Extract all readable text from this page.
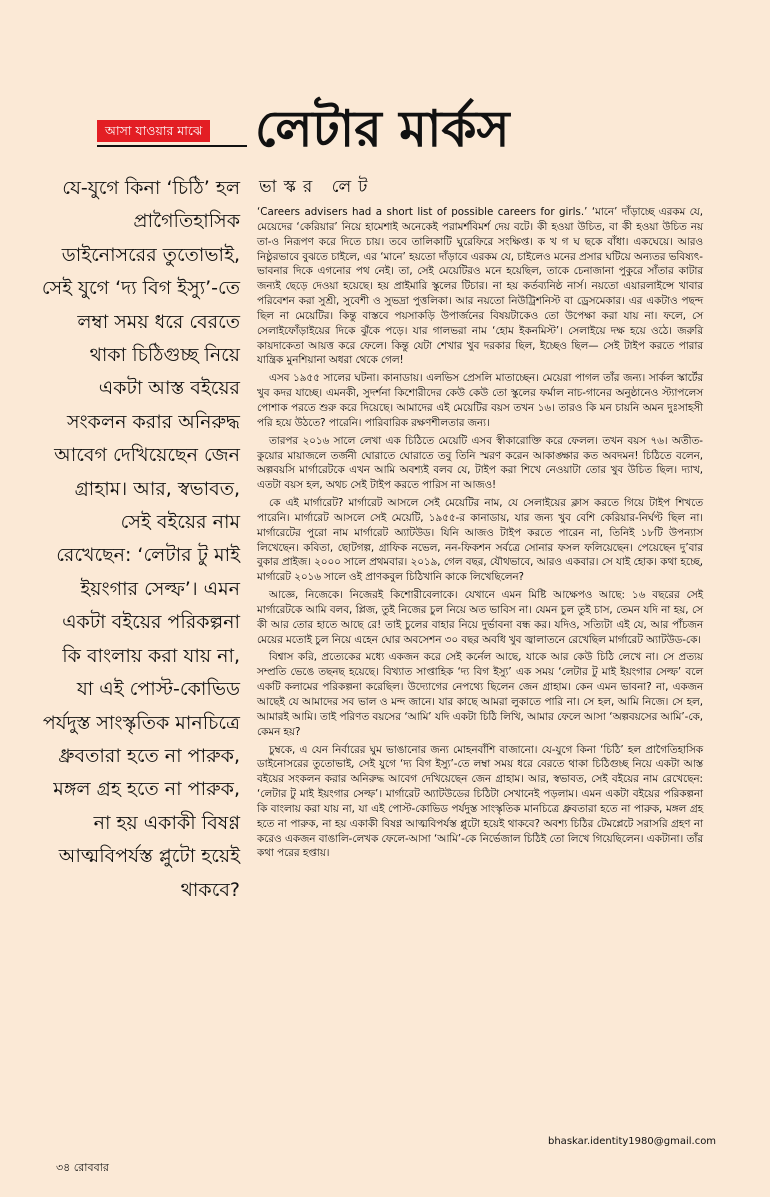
আসা যাওয়ার মাঝে লেটার মার্কস
যে-যুগে কিনা ‘চিঠি’ হল প্রাগৈতিহাসিক ডাইনোসরের তুতোভাই, সেই যুগে ‘দ্য বিগ ইস্যু’-তে লম্বা সময় ধরে বেরতে থাকা চিঠিগুচ্ছ নিয়ে একটা আস্ত বইয়ের সংকলন করার অনিরুদ্ধ আবেগ দেখিয়েছেন জেন গ্রাহাম। আর, স্বভাবত, সেই বইয়ের নাম রেখেছেন: ‘লেটার টু মাই ইয়ংগার সেল্ফ’। এমন একটা বইয়ের পরিকল্পনা কি বাংলায় করা যায় না, যা এই পোস্ট-কোভিড পর্যদুস্ত সাংস্কৃতিক মানচিত্রে ধ্রুবতারা হতে না পারুক, মঙ্গল গ্রহ হতে না পারুক, না হয় একাকী বিষণ্ণ আত্মবিপর্যস্ত প্লুটো হয়েই থাকবে?
ভাস্কর লেট

‘Careers advisers had a short list of possible careers for girls.’ ‘মানে’ দাঁড়াচ্ছে এরকম যে, মেয়েদের ‘কেরিয়ার’ নিয়ে হামেশাই অনেকেই পরামর্শবিমর্শ দেয় বটে। কী হওয়া উচিত, বা কী হওয়া উচিত নয় তা-ও নিরূপণ করে দিতে চায়। তবে তালিকাটি ঘুরেফিরে সংক্ষিপ্ত। ক খ গ ঘ ছকে বাঁধা। একঘেয়ে। আরও নিষ্ঠুরভাবে বুঝতে চাইলে, এর ‘মানে’ হয়তো দাঁড়াবে এরকম যে, চাইলেও মনের প্রসার ঘটিয়ে অন্যতর ভবিষ্যৎ-ভাবনার দিকে এগনোর পথ নেই। তা, সেই মেয়েটিরও মনে হয়েছিল, তাকে চেনাজানা পুকুরে সাঁতার কাটার জন্যই ছেড়ে দেওয়া হয়েছে। হয় প্রাইমারি স্কুলের টিচার। না হয় কর্তব্যনিষ্ঠ নার্স। নয়তো এয়ারলাইন্সে খাবার পরিবেশন করা সুশ্রী, সুবেশী ও সুভদ্রা পুত্তলিকা। আর নয়তো নিউট্রিশনিস্ট বা ড্রেসমেকার। এর একটাও পছন্দ ছিল না মেয়েটির। কিন্তু বাস্তবে পয়সাকড়ি উপার্জনের বিষয়টাকেও তো উপেক্ষা করা যায় না। ফলে, সে সেলাইফোঁড়াইয়ের দিকে ঝুঁকে পড়ে। যার গালভরা নাম ‘হোম ইকনমিস্ট’। সেলাইয়ে দক্ষ হয়ে ওঠে। জরুরি কায়দাকেতা আয়ত্ত করে ফেলে। কিন্তু যেটা শেখার খুব দরকার ছিল, ইচ্ছেও ছিল— সেই টাইপ করতে পারার যান্ত্রিক মুনশিয়ানা অধরা থেকে গেল!

এসব ১৯৫৫ সালের ঘটনা। কানাডায়। এলভিস প্রেসলি মাতাচ্ছেন। মেয়েরা পাগল তাঁর জন্য। সার্কল স্কার্টের খুব কদর যাচ্ছে। এমনকী, সুদর্শনা কিশোরীদের কেউ কেউ তো স্কুলের ফর্মাল নাচ-গানের অনুষ্ঠানেও স্ট্যাপলেস পোশাক পরতে শুরু করে দিয়েছে। আমাদের এই মেয়েটির বয়স তখন ১৬। তারও কি মন চায়নি অমন দুঃসাহসী পরি হয়ে উঠতে? পারেনি। পারিবারিক রক্ষণশীলতার জন্য।

তারপর ২০১৬ সালে লেখা এক চিঠিতে মেয়েটি এসব স্বীকারোক্তি করে ফেলল। তখন বয়স ৭৬। অতীত-কুয়োর মায়াজলে তর্জনী ঘোরাতে ঘোরাতে তবু তিনি স্মরণ করেন আকাঙ্ক্ষার কত অবদমন! চিঠিতে বলেন, অল্পবয়সি মার্গারেটকে এখন আমি অবশ্যই বলব যে, টাইপ করা শিখে নেওয়াটা তোর খুব উচিত ছিল। দ্যাখ, এতটা বয়স হল, অথচ সেই টাইপ করতে পারিস না আজও!

কে এই মার্গারেট? মার্গারেট আসলে সেই মেয়েটির নাম, যে সেলাইয়ের ক্লাস করতে গিয়ে টাইপ শিখতে পারেনি। মার্গারেট আসলে সেই মেয়েটি, ১৯৫৫-র কানাডায়, যার জন্য খুব বেশি কেরিয়ার-নির্ঘণ্ট ছিল না। মার্গারেটের পুরো নাম মার্গারেট অ্যাটউড। যিনি আজও টাইপ করতে পারেন না, তিনিই ১৮টি উপন্যাস লিখেছেন। কবিতা, ছোটগল্প, গ্রাফিক নভেল, নন-ফিকশন সর্বত্রে সোনার ফসল ফলিয়েছেন। পেয়েছেন দু’বার বুকার প্রাইজ। ২০০০ সালে প্রথমবার। ২০১৯, গেল বছর, যৌথভাবে, আরও একবার। সে যাই হোক। কথা হচ্ছে, মার্গারেট ২০১৬ সালে ওই প্রাণকবুল চিঠিখানি কাকে লিখেছিলেন?

আজ্ঞে, নিজেকে। নিজেরই কিশোরীবেলাকে। যেখানে এমন মিষ্টি আক্ষেপও আছে: ১৬ বছরের সেই মার্গারেটকে আমি বলব, প্লিজ, তুই নিজের চুল নিয়ে অত ভাবিস না। যেমন চুল তুই চাস, তেমন যদি না হয়, সে কী আর তোর হাতে আছে রে! তাই চুলের বাহার নিয়ে দুর্ভাবনা বন্ধ কর। যদিও, সত্যিটা এই যে, আর পাঁচজন মেয়ের মতোই চুল নিয়ে এহেন ঘোর অবসেশন ৩০ বছর অবধি খুব জ্বালাতনে রেখেছিল মার্গারেট অ্যাটউড-কে।

বিশ্বাস করি, প্রত্যেকের মধ্যে একজন করে সেই কর্নেল আছে, যাকে আর কেউ চিঠি লেখে না। সে প্রত্যয় সম্প্রতি ভেঙে তছনছ হয়েছে। বিখ্যাত সাপ্তাহিক ‘দ্য বিগ ইস্যু’ এক সময় ‘লেটার টু মাই ইয়ংগার সেল্ফ’ বলে একটি কলামের পরিকল্পনা করেছিল। উদ্যোগের নেপথ্যে ছিলেন জেন গ্রাহাম। কেন এমন ভাবনা? না, একজন আছেই যে আমাদের সব ভাল ও মন্দ জানে। যার কাছে আমরা লুকাতে পারি না। সে হল, আমি নিজে। সে হল, আমারই আমি। তাই পরিণত বয়সের ‘আমি’ যদি একটা চিঠি লিখি, আমার ফেলে আসা ‘অল্পবয়সের আমি’-কে, কেমন হয়?

চুম্বকে, এ যেন নির্বারের ঘুম ভাঙানোর জন্য মোহনবাঁশি বাজানো। যে-যুগে কিনা ‘চিঠি’ হল প্রাগৈতিহাসিক ডাইনোসরের তুতোভাই, সেই যুগে ‘দ্য বিগ ইস্যু’-তে লম্বা সময় ধরে বেরতে থাকা চিঠিগুচ্ছ নিয়ে একটা আস্ত বইয়ের সংকলন করার অনিরুদ্ধ আবেগ দেখিয়েছেন জেন গ্রাহাম। আর, স্বভাবত, সেই বইয়ের নাম রেখেছেন: ‘লেটার টু মাই ইয়ংগার সেল্ফ’। মার্গারেট অ্যাটউডের চিঠিটা সেখানেই পড়লাম। এমন একটা বইয়ের পরিকল্পনা কি বাংলায় করা যায় না, যা এই পোস্ট-কোভিড পর্যদুস্ত সাংস্কৃতিক মানচিত্রে ধ্রুবতারা হতে না পারুক, মঙ্গল গ্রহ হতে না পারুক, না হয় একাকী বিষণ্ণ আত্মবিপর্যস্ত প্লুটো হয়েই থাকবে? অবশ্য চিঠির টেমপ্লেটে সরাসরি গ্রহণ না করেও একজন বাঙালি-লেখক ফেলে-আসা ‘আমি’-কে নির্ভেজাল চিঠিই তো লিখে গিয়েছিলেন। একটানা। তাঁর কথা পরের হপ্তায়।

bhaskar.identity1980@gmail.com
৩৪ রোববার
